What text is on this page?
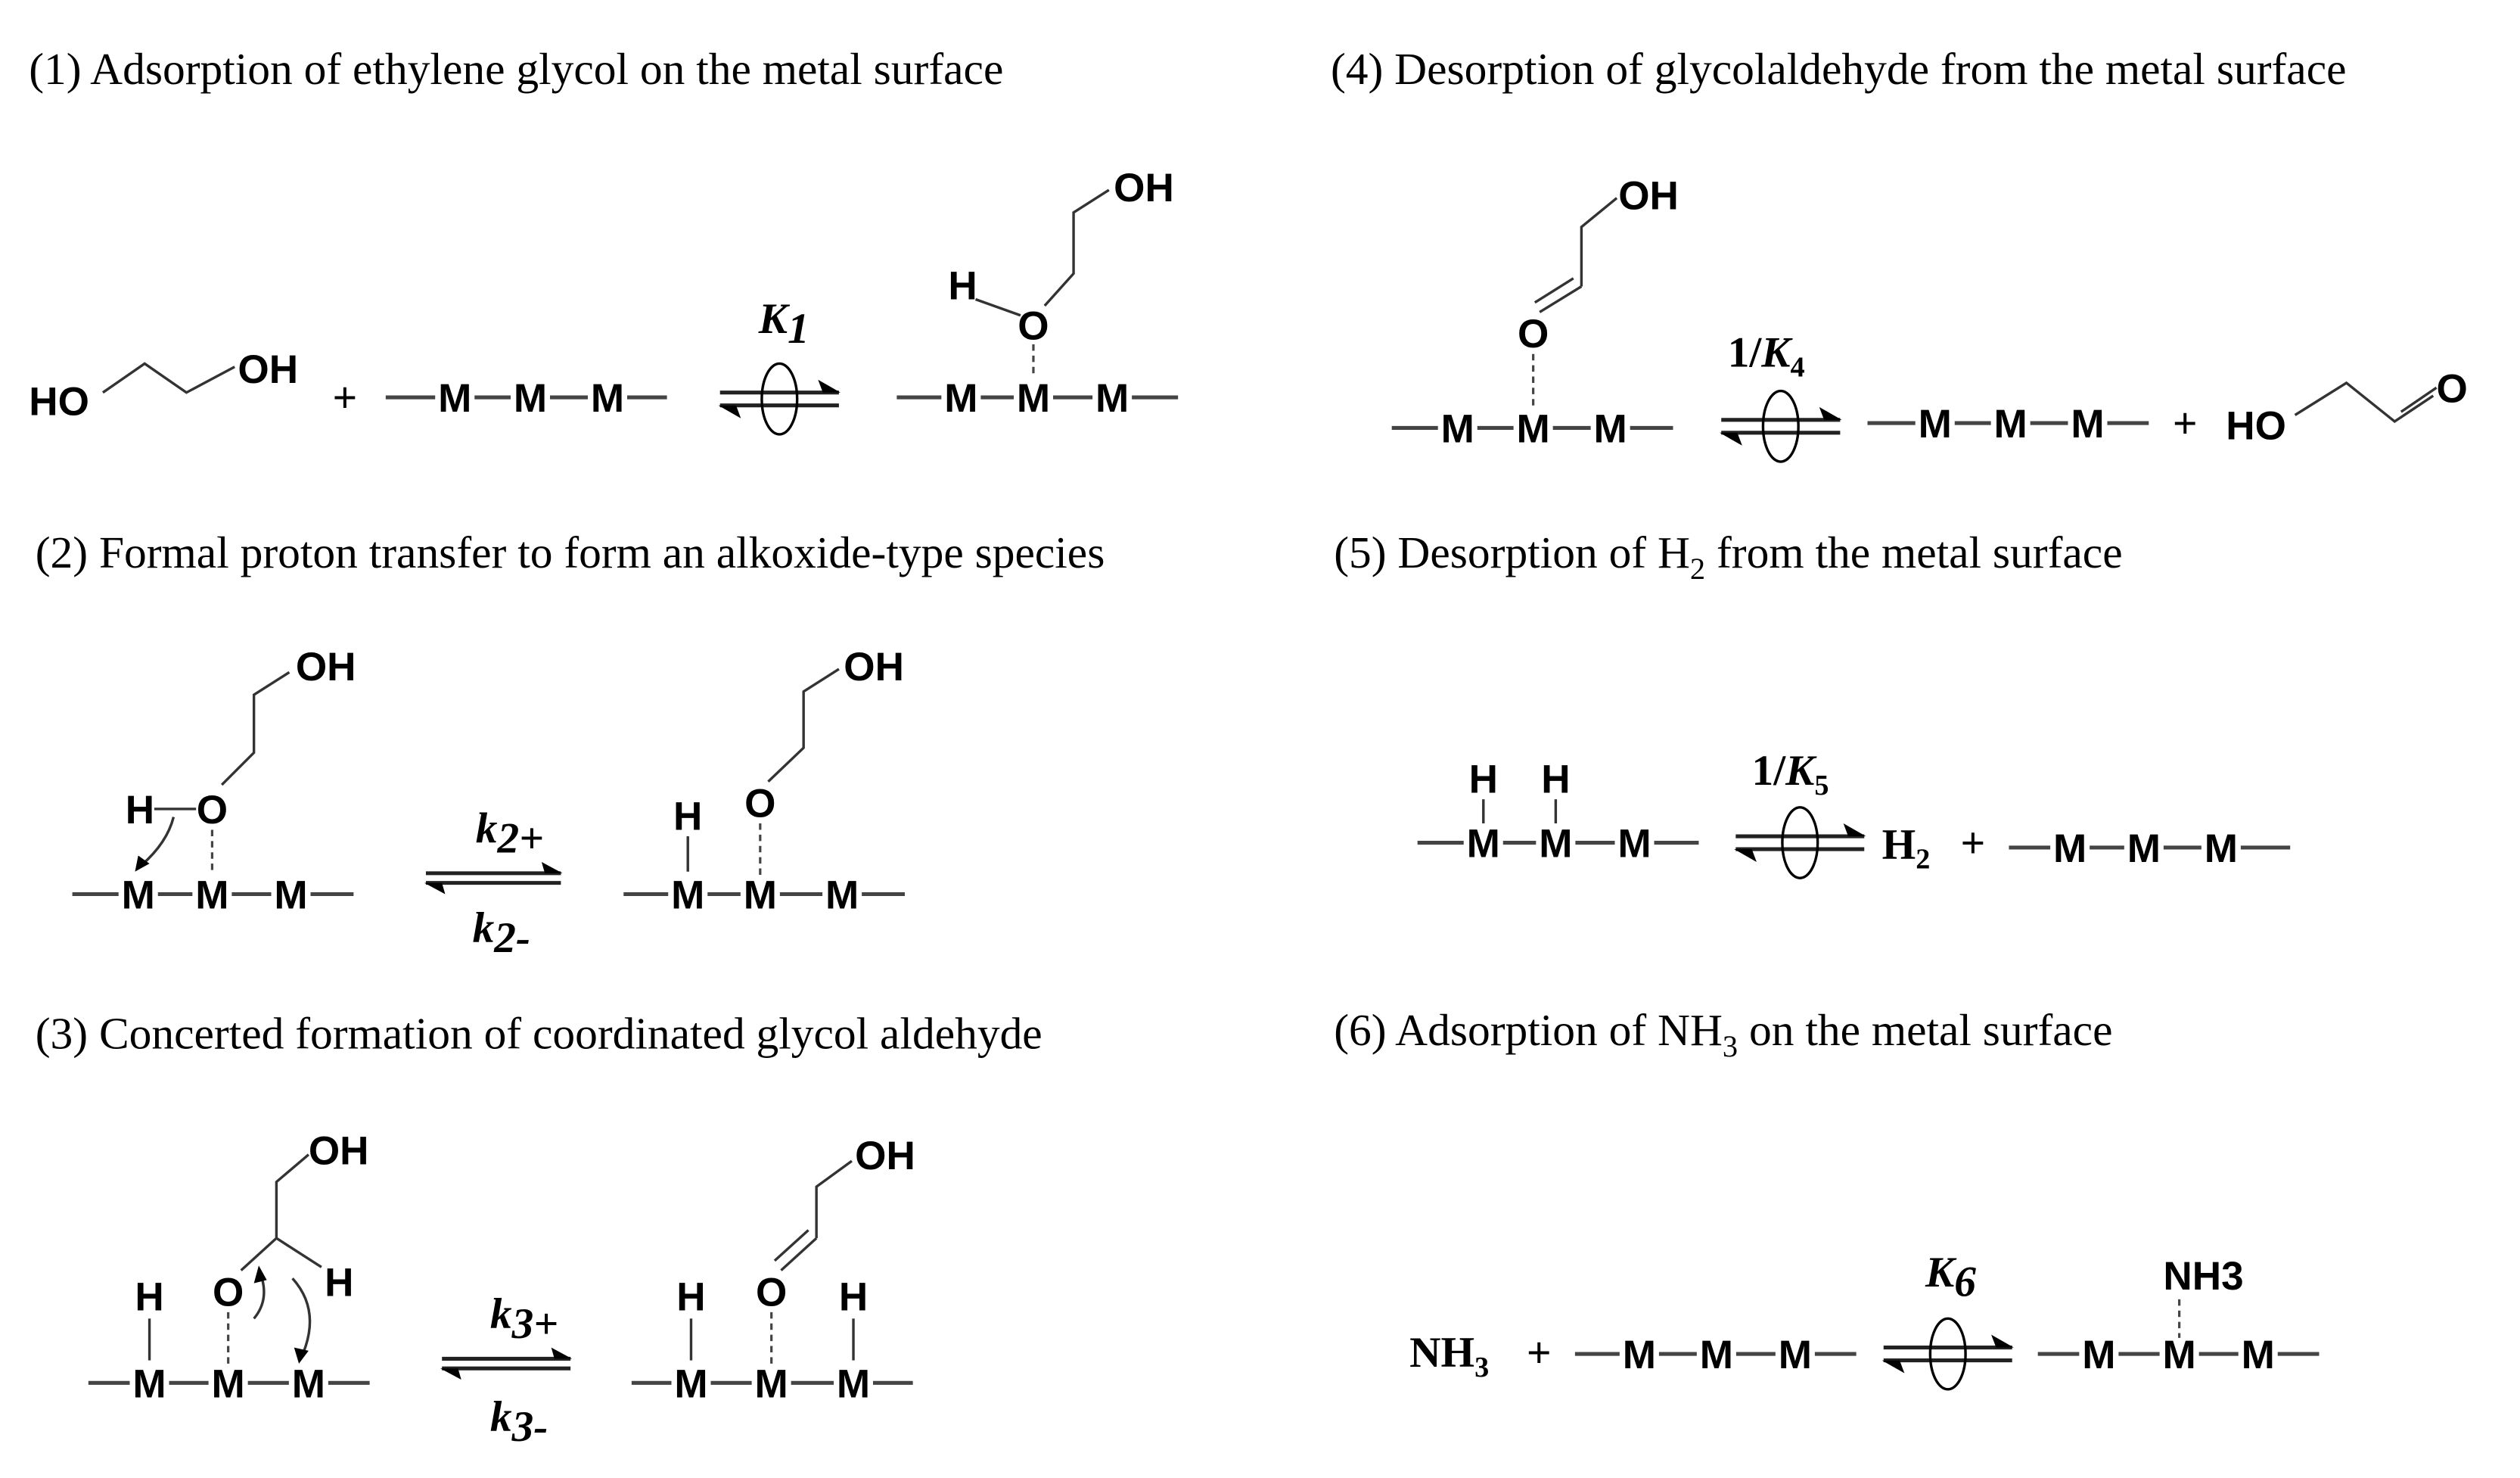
(1) Adsorption of ethylene glycol on the metal surface
(2) Formal proton transfer to form an alkoxide-type species
(3) Concerted formation of coordinated glycol aldehyde
(4) Desorption of glycolaldehyde from the metal surface
(5) Desorption of $H_2$ from the metal surface
(6) Adsorption of $NH_3$ on the metal surface
HO
OH
+	M M M
K1
M M M
O
H
OH	OH
O
M M M
$1/K_4$
M M M	+ HO
O
OH
H O
M M M
k2+
k2-
OH
H O
M M	M
H H
M M M
$1/K_5$
$H_2$ +	M M M
OH
H
H	O
M M M
k3+
k3-
OH
H	O	H
M M	M
$NH_3$ +	M M M
K6	NH3
M M M
